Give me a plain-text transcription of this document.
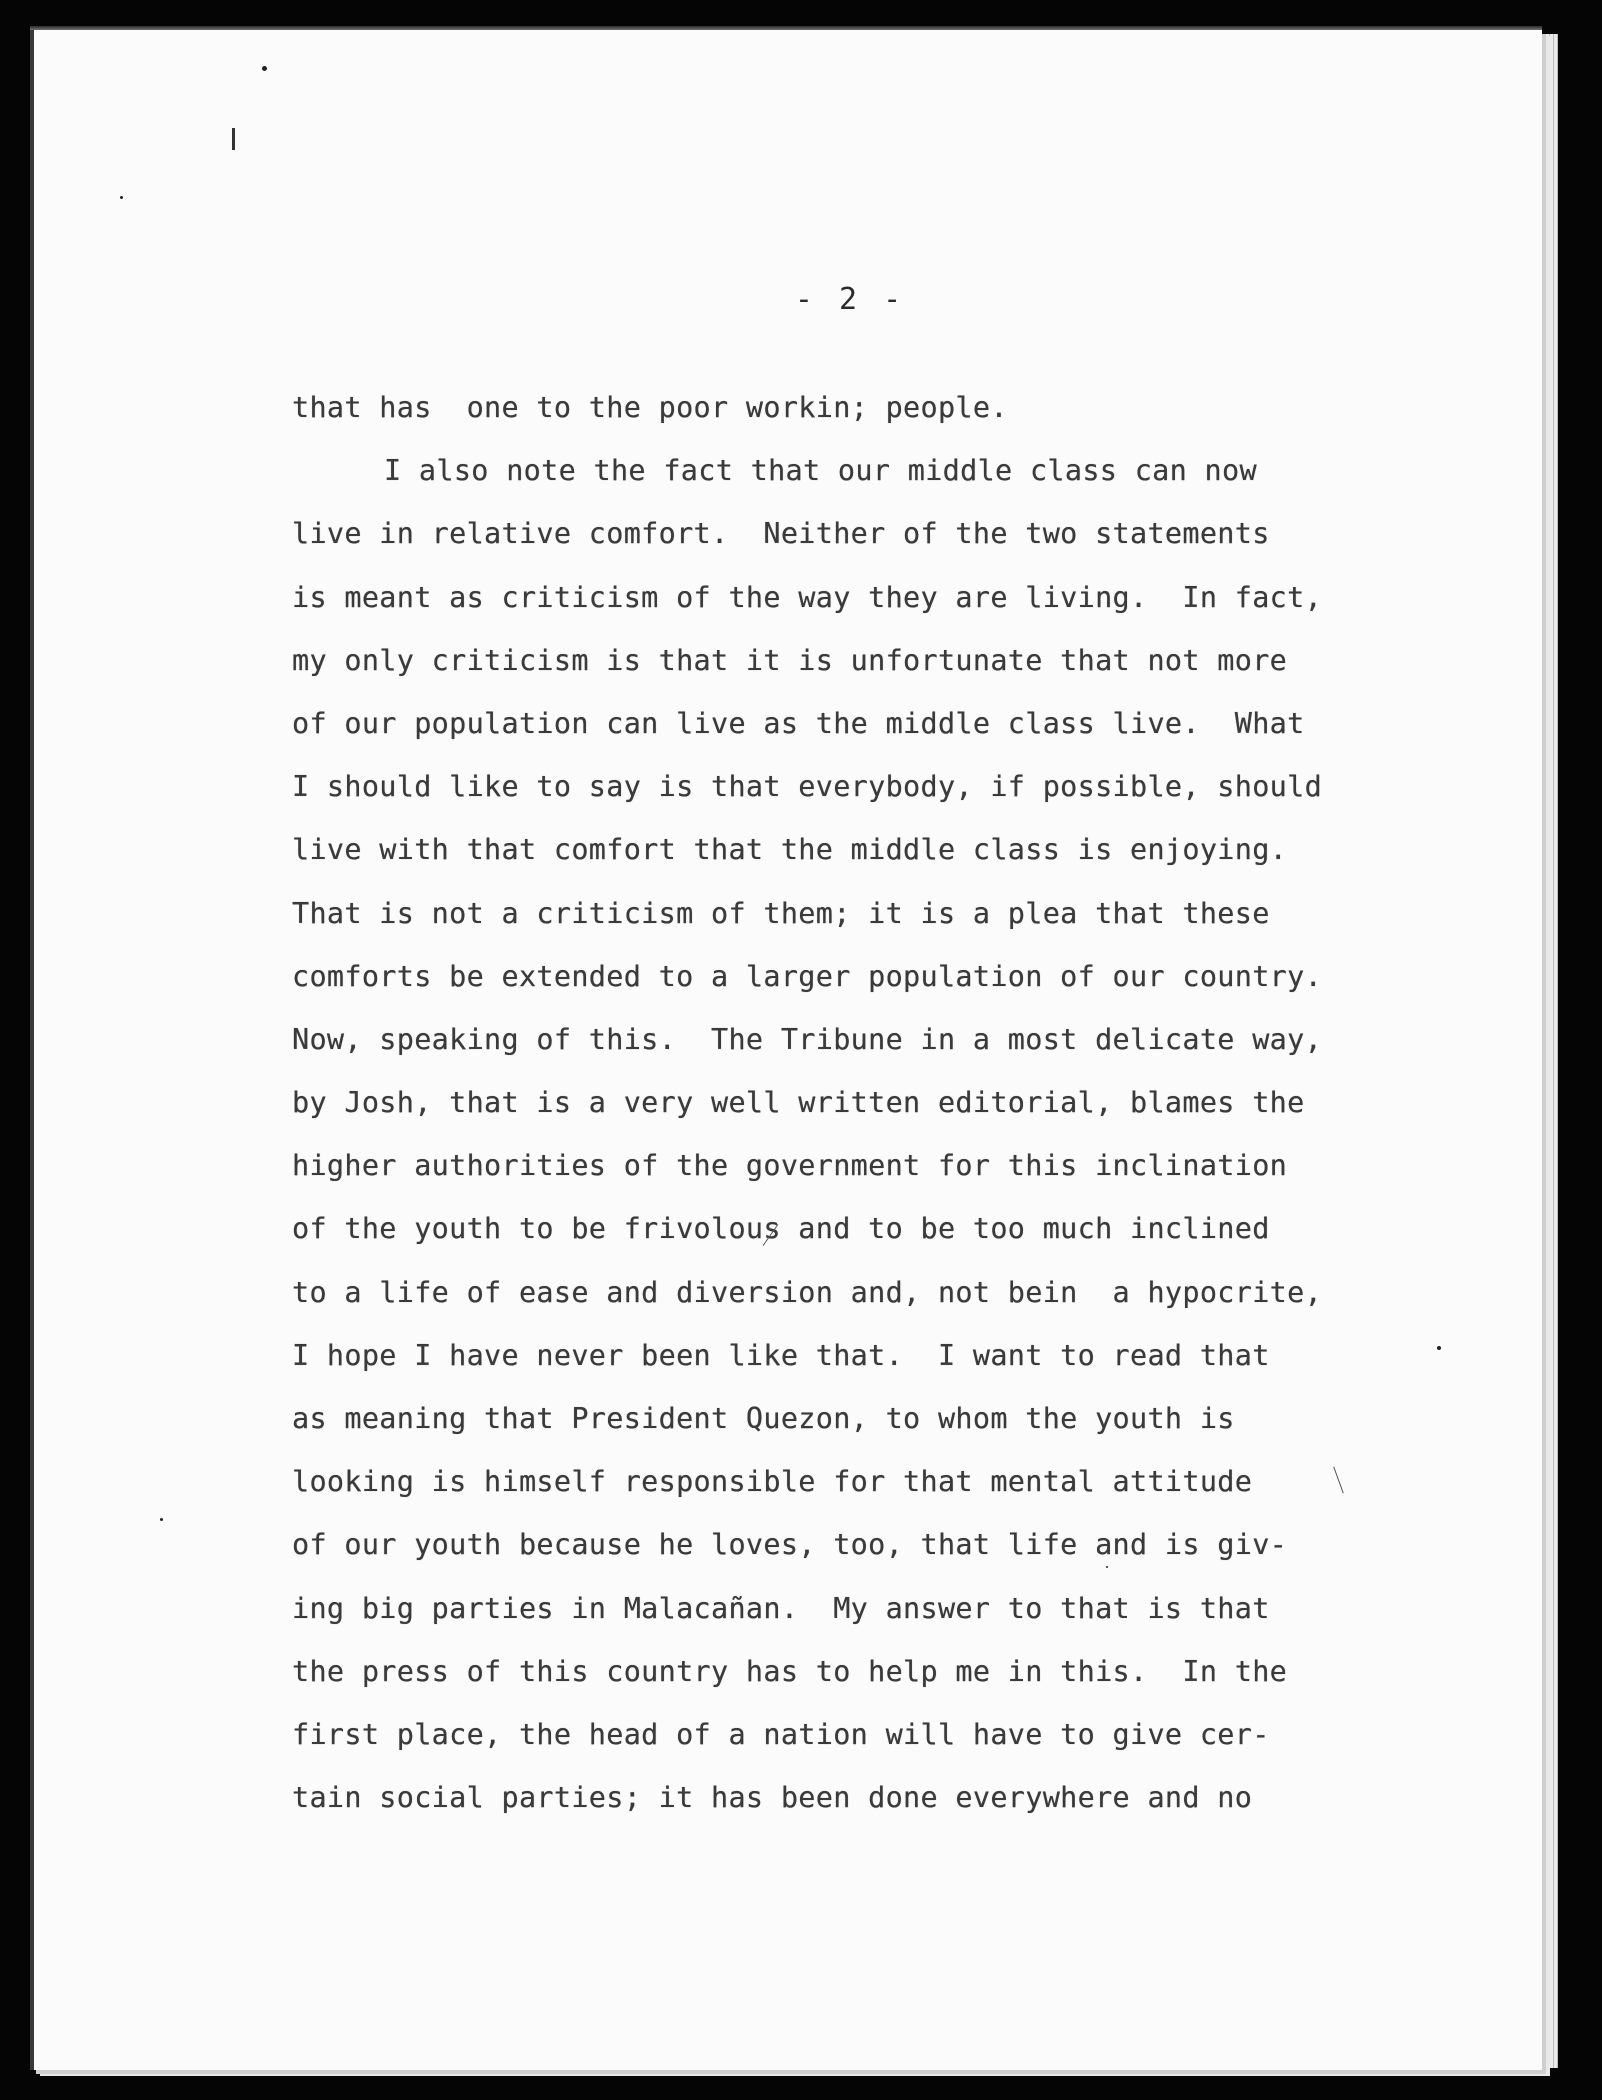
- 2 -
that has  one to the poor workin; people.
I also note the fact that our middle class can now
live in relative comfort.  Neither of the two statements
is meant as criticism of the way they are living.  In fact,
my only criticism is that it is unfortunate that not more
of our population can live as the middle class live.  What
I should like to say is that everybody, if possible, should
live with that comfort that the middle class is enjoying.
That is not a criticism of them; it is a plea that these
comforts be extended to a larger population of our country.
Now, speaking of this.  The Tribune in a most delicate way,
by Josh, that is a very well written editorial, blames the
higher authorities of the government for this inclination
of the youth to be frivolous and to be too much inclined
to a life of ease and diversion and, not bein  a hypocrite,
I hope I have never been like that.  I want to read that
as meaning that President Quezon, to whom the youth is
looking is himself responsible for that mental attitude
of our youth because he loves, too, that life and is giv-
ing big parties in Malacañan.  My answer to that is that
the press of this country has to help me in this.  In the
first place, the head of a nation will have to give cer-
tain social parties; it has been done everywhere and no
